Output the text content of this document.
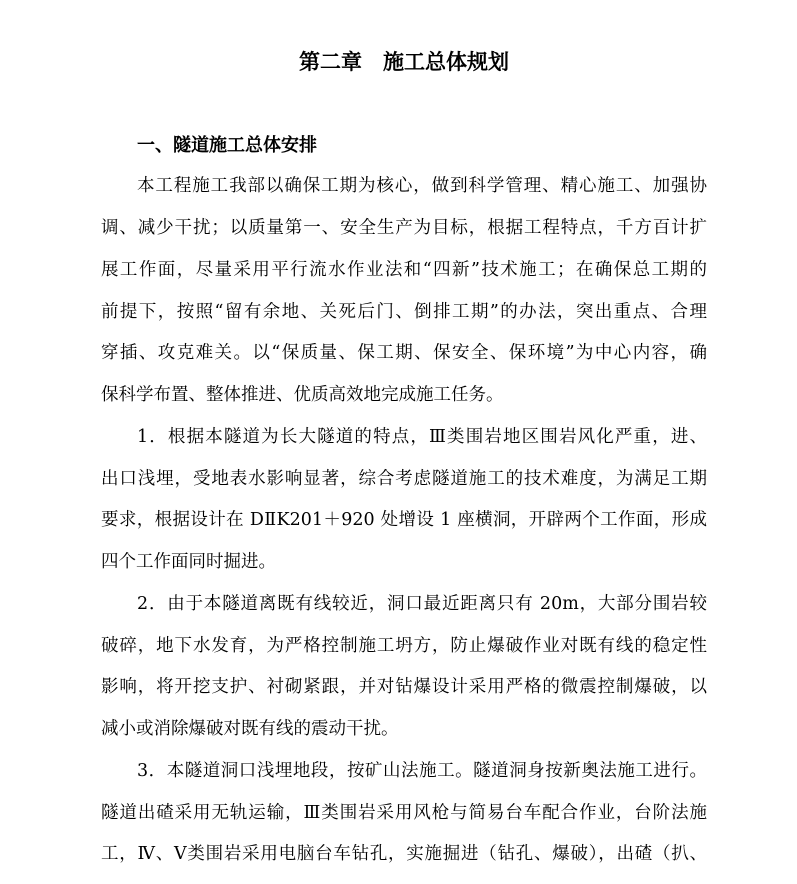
第二章　施工总体规划
一、隧道施工总体安排
本工程施工我部以确保工期为核心，做到科学管理、精心施工、加强协
调、减少干扰；以质量第一、安全生产为目标，根据工程特点，千方百计扩
展工作面，尽量采用平行流水作业法和“四新”技术施工；在确保总工期的
前提下，按照“留有余地、关死后门、倒排工期”的办法，突出重点、合理
穿插、攻克难关。以“保质量、保工期、保安全、保环境”为中心内容，确
保科学布置、整体推进、优质高效地完成施工任务。
1．根据本隧道为长大隧道的特点，Ⅲ类围岩地区围岩风化严重，进、
出口浅埋，受地表水影响显著，综合考虑隧道施工的技术难度，为满足工期
要求，根据设计在 DⅡK201＋920 处增设 1 座横洞，开辟两个工作面，形成
四个工作面同时掘进。
2．由于本隧道离既有线较近，洞口最近距离只有 20m，大部分围岩较
破碎，地下水发育，为严格控制施工坍方，防止爆破作业对既有线的稳定性
影响，将开挖支护、衬砌紧跟，并对钻爆设计采用严格的微震控制爆破，以
减小或消除爆破对既有线的震动干扰。
3．本隧道洞口浅埋地段，按矿山法施工。隧道洞身按新奥法施工进行。
隧道出碴采用无轨运输，Ⅲ类围岩采用风枪与简易台车配合作业，台阶法施
工，Ⅳ、Ⅴ类围岩采用电脑台车钻孔，实施掘进（钻孔、爆破），出碴（扒、
